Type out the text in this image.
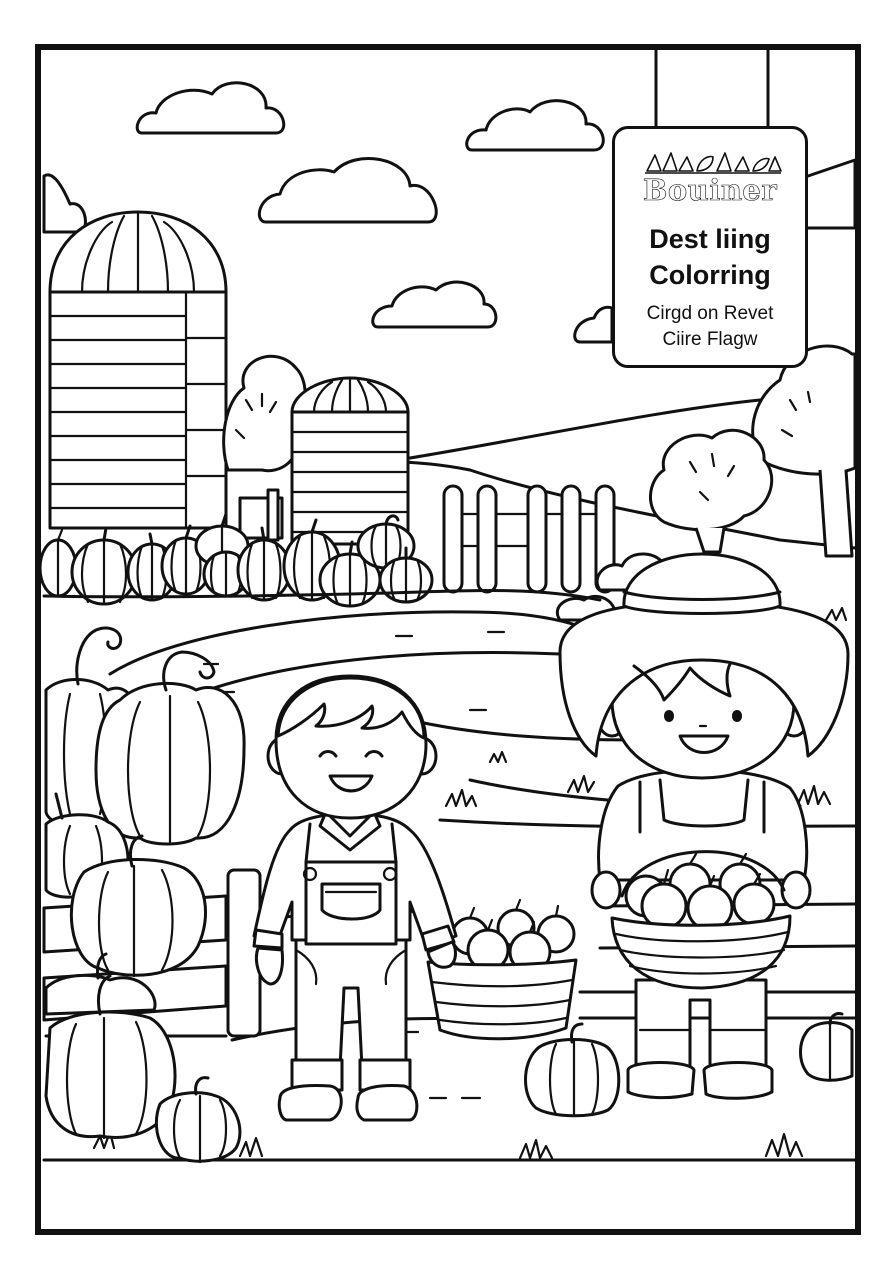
Bouiner
Dest liing
Colorring
Cirgd on Revet
Ciire Flagw
